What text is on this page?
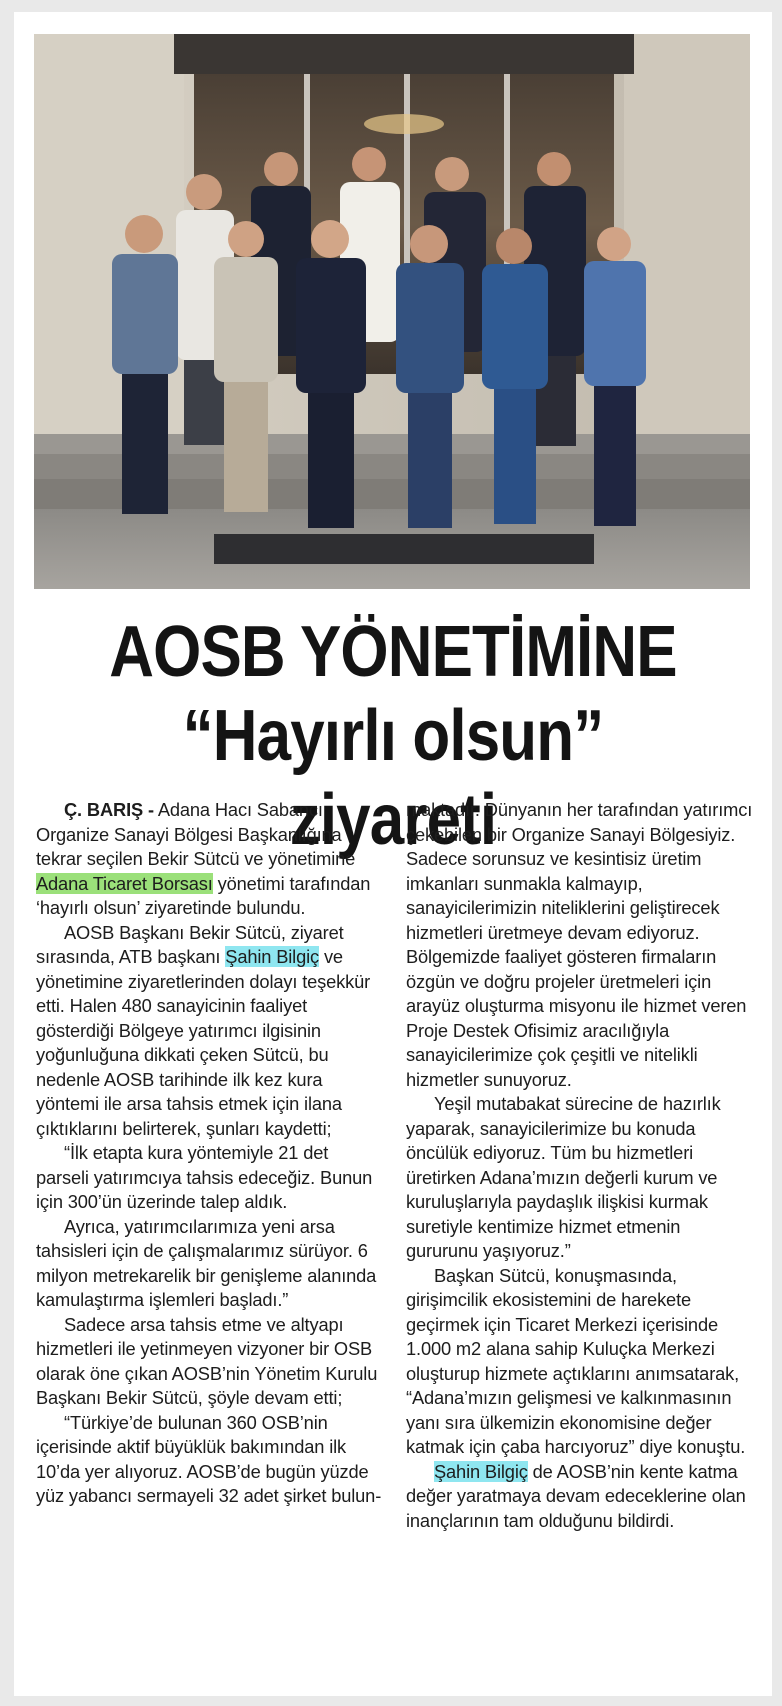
AOSB YÖNETİMİNE
“Hayırlı olsun” ziyareti

Ç. BARIŞ - Adana Hacı Sabancı Organize Sanayi Bölgesi Başkanlığına tekrar seçilen Bekir Sütcü ve yönetimine Adana Ticaret Borsası yönetimi tarafından ‘hayırlı olsun’ ziyaretinde bulundu.

AOSB Başkanı Bekir Sütcü, ziyaret sırasında, ATB başkanı Şahin Bilgiç ve yönetimine ziyaretlerinden dolayı teşekkür etti. Halen 480 sanayicinin faaliyet gösterdiği Bölgeye yatırımcı ilgisinin yoğunluğuna dikkati çeken Sütcü, bu nedenle AOSB tarihinde ilk kez kura yöntemi ile arsa tahsis etmek için ilana çıktıklarını belirterek, şunları kaydetti;

“İlk etapta kura yöntemiyle 21 det parseli yatırımcıya tahsis edeceğiz. Bunun için 300’ün üzerinde talep aldık.

Ayrıca, yatırımcılarımıza yeni arsa tahsisleri için de çalışmalarımız sürüyor. 6 milyon metrekarelik bir genişleme alanında kamulaştırma işlemleri başladı.”

Sadece arsa tahsis etme ve altyapı hizmetleri ile yetinmeyen vizyoner bir OSB olarak öne çıkan AOSB’nin Yönetim Kurulu Başkanı Bekir Sütcü, şöyle devam etti;

“Türkiye’de bulunan 360 OSB’nin içerisinde aktif büyüklük bakımından ilk 10’da yer alıyoruz. AOSB’de bugün yüzde yüz yabancı sermayeli 32 adet şirket bulun-

maktadır. Dünyanın her tarafından yatırımcı çekebilen bir Organize Sanayi Bölgesiyiz. Sadece sorunsuz ve kesintisiz üretim imkanları sunmakla kalmayıp, sanayicilerimizin niteliklerini geliştirecek hizmetleri üretmeye devam ediyoruz. Bölgemizde faaliyet gösteren firmaların özgün ve doğru projeler üretmeleri için arayüz oluşturma misyonu ile hizmet veren Proje Destek Ofisimiz aracılığıyla sanayicilerimize çok çeşitli ve nitelikli hizmetler sunuyoruz.

Yeşil mutabakat sürecine de hazırlık yaparak, sanayicilerimize bu konuda öncülük ediyoruz. Tüm bu hizmetleri üretirken Adana’mızın değerli kurum ve kuruluşlarıyla paydaşlık ilişkisi kurmak suretiyle kentimize hizmet etmenin gururunu yaşıyoruz.”

Başkan Sütcü, konuşmasında, girişimcilik ekosistemini de harekete geçirmek için Ticaret Merkezi içerisinde 1.000 m2 alana sahip Kuluçka Merkezi oluşturup hizmete açtıklarını anımsatarak, “Adana’mızın gelişmesi ve kalkınmasının yanı sıra ülkemizin ekonomisine değer katmak için çaba harcıyoruz” diye konuştu.

Şahin Bilgiç de AOSB’nin kente katma değer yaratmaya devam edeceklerine olan inançlarının tam olduğunu bildirdi.
